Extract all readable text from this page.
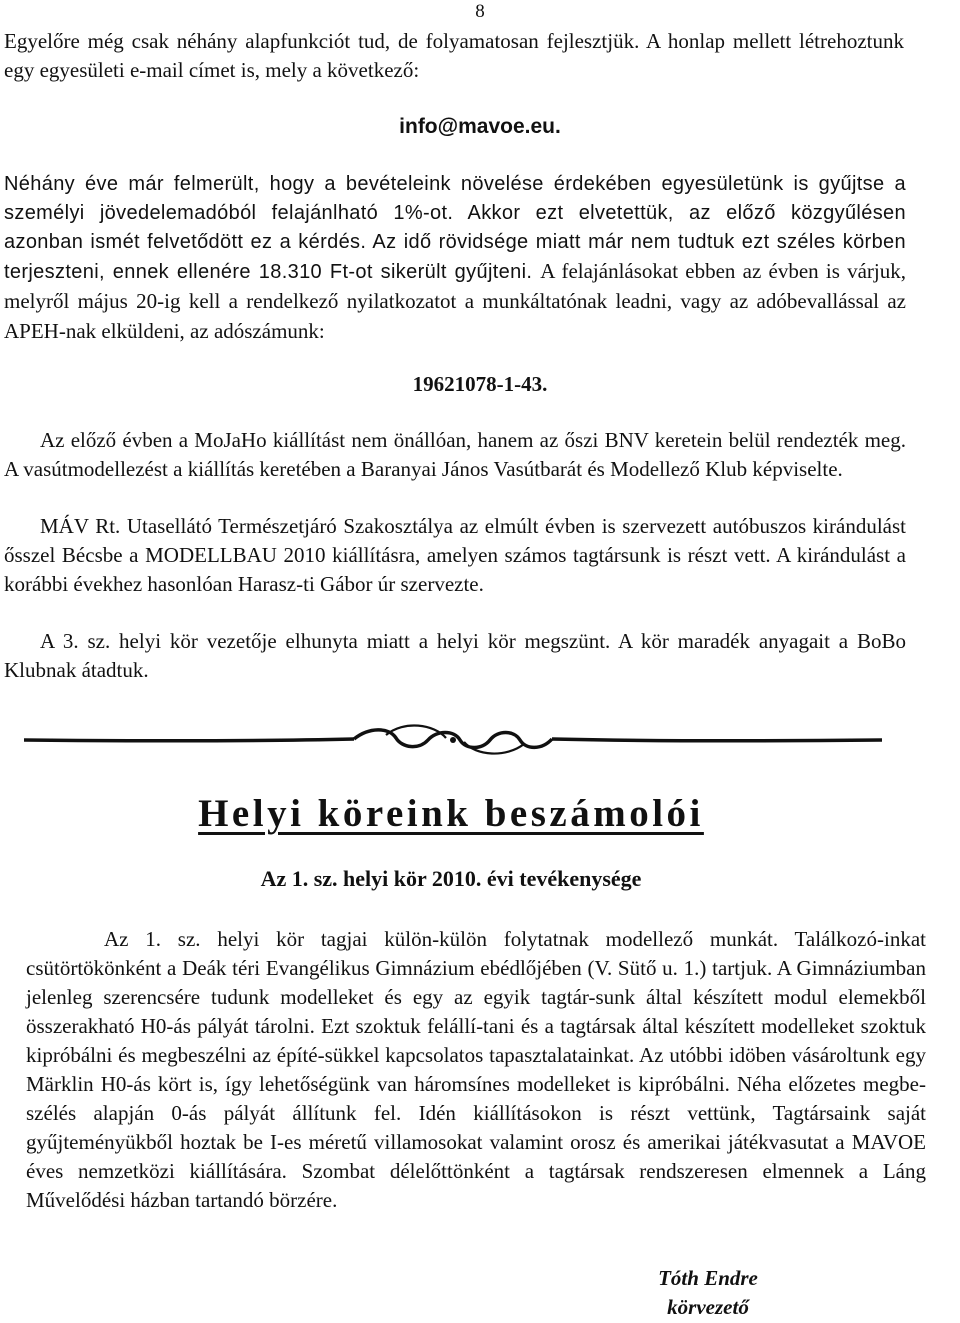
8
Egyelőre még csak néhány alapfunkciót tud, de folyamatosan fejlesztjük. A honlap mellett létrehoztunk egy egyesületi e-mail címet is, mely a következő:
info@mavoe.eu.
Néhány éve már felmerült, hogy a bevételeink növelése érdekében egyesületünk is gyűjtse a személyi jövedelemadóból felajánlható 1%-ot. Akkor ezt elvetettük, az előző közgyűlésen azonban ismét felvetődött ez a kérdés. Az idő rövidsége miatt már nem tudtuk ezt széles körben terjeszteni, ennek ellenére 18.310 Ft-ot sikerült gyűjteni. A felajánlásokat ebben az évben is várjuk, melyről május 20-ig kell a rendelkező nyilatkozatot a munkáltatónak leadni, vagy az adóbevallással az APEH-nak elküldeni, az adószámunk:
19621078-1-43.
Az előző évben a MoJaHo kiállítást nem önállóan, hanem az őszi BNV keretein belül rendezték meg. A vasútmodellezést a kiállítás keretében a Baranyai János Vasútbarát és Modellező Klub képviselte.
MÁV Rt. Utasellátó Természetjáró Szakosztálya az elmúlt évben is szervezett autóbuszos kirándulást ősszel Bécsbe a MODELLBAU 2010 kiállításra, amelyen számos tagtársunk is részt vett. A kirándulást a korábbi évekhez hasonlóan Harasz-ti Gábor úr szervezte.
A 3. sz. helyi kör vezetője elhunyta miatt a helyi kör megszünt. A kör maradék anyagait a BoBo Klubnak átadtuk.
Helyi köreink beszámolói
Az 1. sz. helyi kör 2010. évi tevékenysége
Az 1. sz. helyi kör tagjai külön-külön folytatnak modellező munkát. Találkozó-inkat csütörtökönként a Deák téri Evangélikus Gimnázium ebédlőjében (V. Sütő u. 1.) tartjuk. A Gimnáziumban jelenleg szerencsére tudunk modelleket és egy az egyik tagtár-sunk által készített modul elemekből összerakható H0-ás pályát tárolni. Ezt szoktuk felállí-tani és a tagtársak által készített modelleket szoktuk kipróbálni és megbeszélni az építé-sükkel kapcsolatos tapasztalatainkat. Az utóbbi idöben vásároltunk egy Märklin H0-ás kört is, így lehetőségünk van háromsínes modelleket is kipróbálni. Néha előzetes megbe-szélés alapján 0-ás pályát állítunk fel. Idén kiállításokon is részt vettünk, Tagtársaink saját gyűjteményükből hoztak be I-es méretű villamosokat valamint orosz és amerikai játékvasutat a MAVOE éves nemzetközi kiállítására. Szombat délelőttönként a tagtársak rendszeresen elmennek a Láng Művelődési házban tartandó börzére.
Tóth Endre
körvezető
